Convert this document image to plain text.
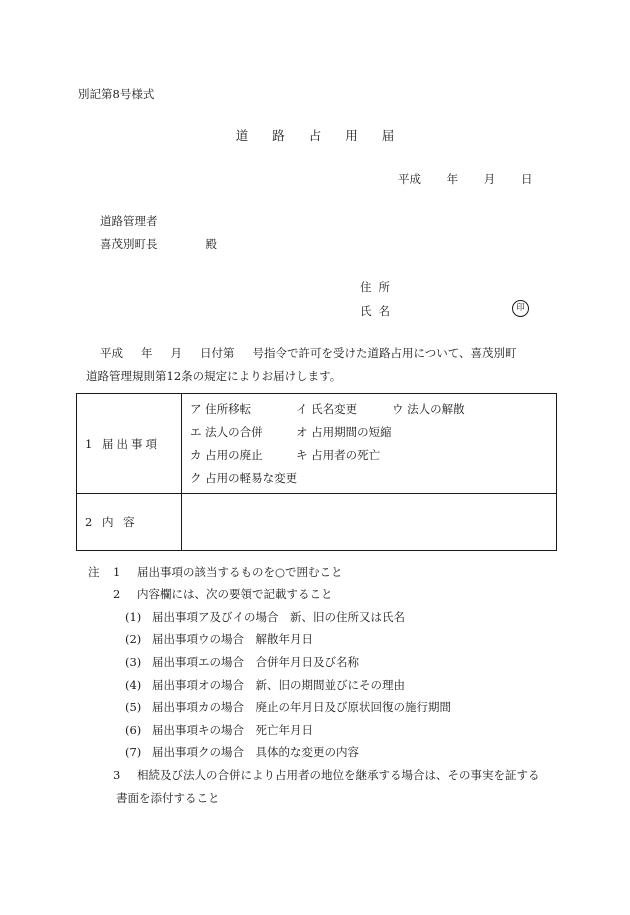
別記第8号様式
道路占用届
平成 年 月 日
道路管理者
喜茂別町長	殿
住所
氏名	印
平成 年 月 日付第 号指令で許可を受けた道路占用について、喜茂別町
道路管理規則第12条の規定によりお届けします。
1 届出事項	ア 住所移転 イ 氏名変更 ウ 法人の解散
エ 法人の合併 オ 占用期間の短縮
カ 占用の廃止 キ 占用者の死亡
ク 占用の軽易な変更

2 内 容	
注 1 届出事項の該当するものを○で囲むこと
2 内容欄には、次の要領で記載すること
(1) 届出事項ア及びイの場合　新、旧の住所又は氏名
(2) 届出事項ウの場合　解散年月日
(3) 届出事項エの場合　合併年月日及び名称
(4) 届出事項オの場合　新、旧の期間並びにその理由
(5) 届出事項カの場合　廃止の年月日及び原状回復の施行期間
(6) 届出事項キの場合　死亡年月日
(7) 届出事項クの場合　具体的な変更の内容
3 相続及び法人の合併により占用者の地位を継承する場合は、その事実を証する
書面を添付すること
